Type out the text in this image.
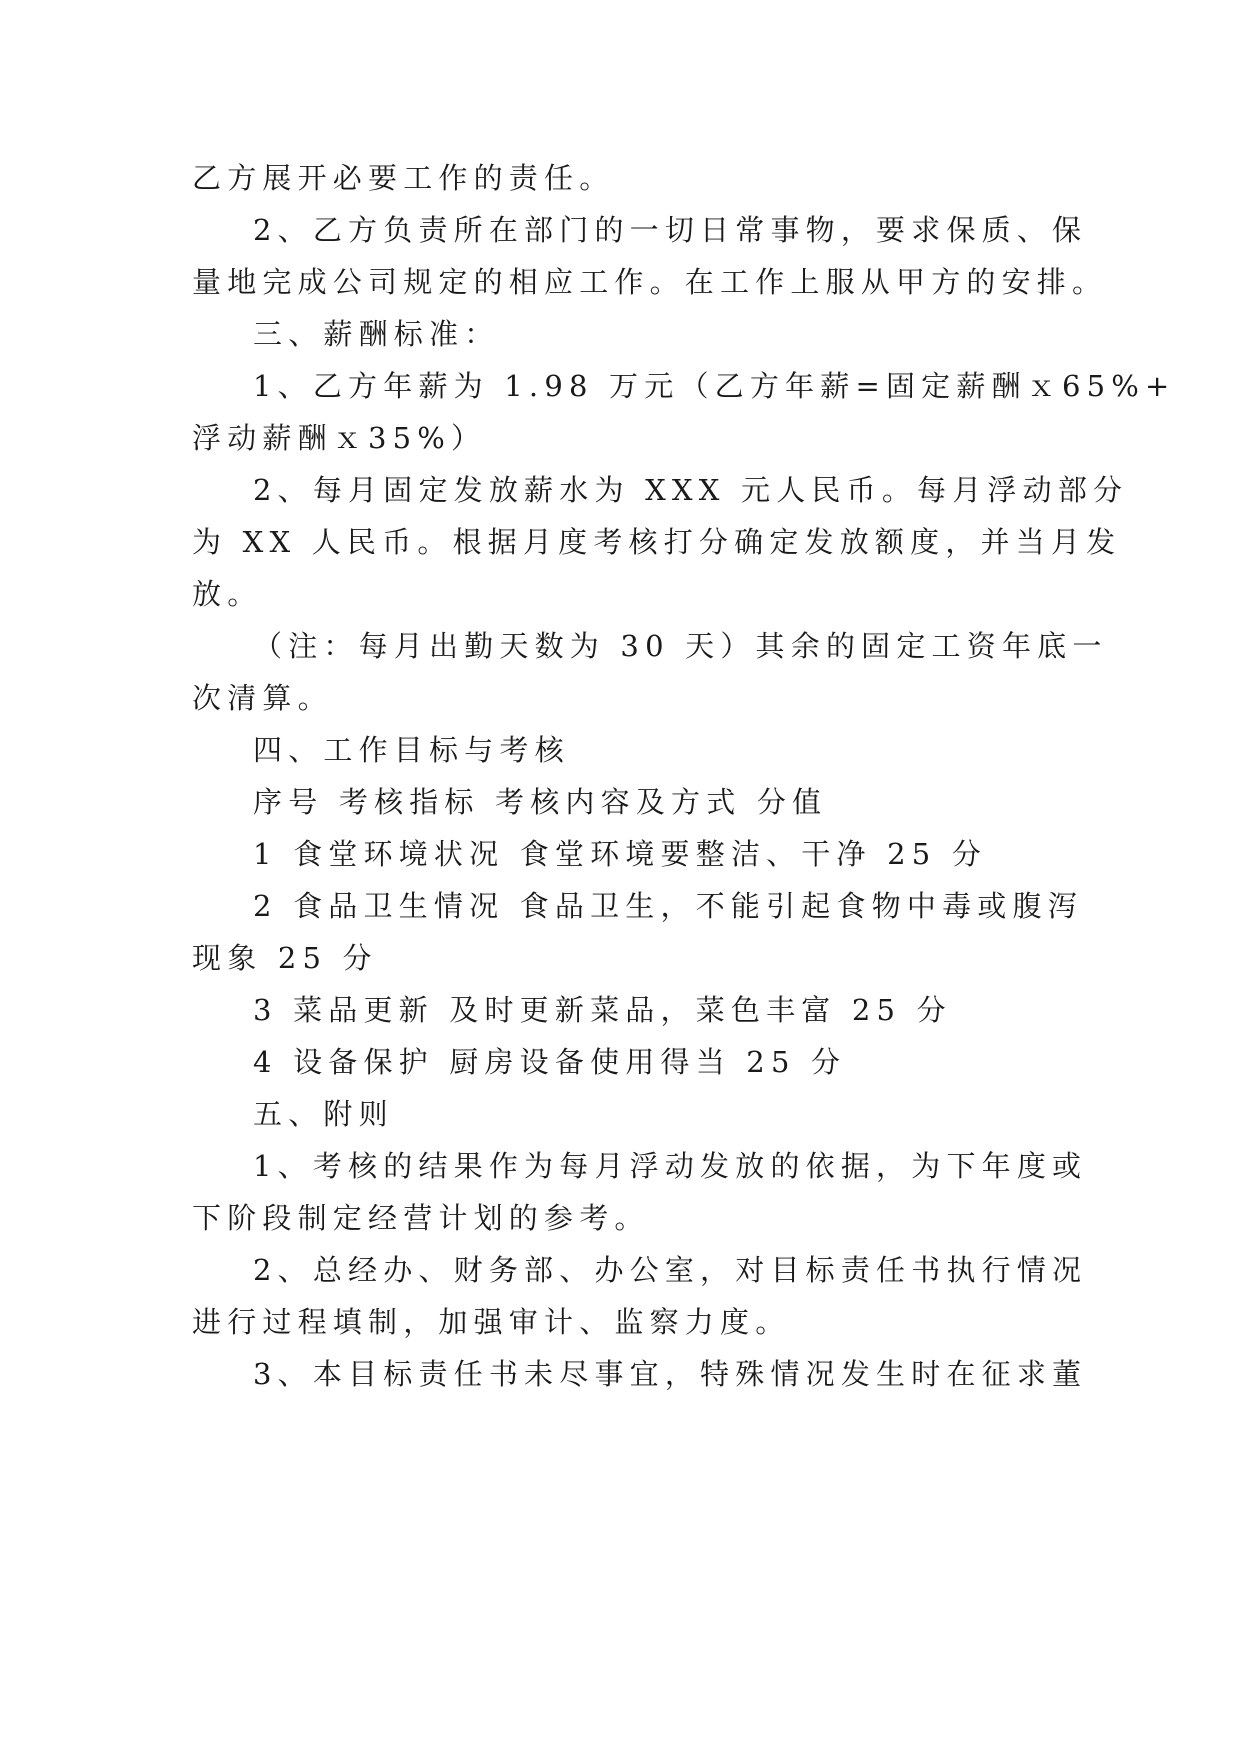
乙方展开必要工作的责任。
2、乙方负责所在部门的一切日常事物，要求保质、保
量地完成公司规定的相应工作。在工作上服从甲方的安排。
三、薪酬标准：
1、乙方年薪为 1.98 万元（乙方年薪=固定薪酬ｘ65%+
浮动薪酬ｘ35%）
2、每月固定发放薪水为 XXX 元人民币。每月浮动部分
为 XX 人民币。根据月度考核打分确定发放额度，并当月发
放。
（注：每月出勤天数为 30 天）其余的固定工资年底一
次清算。
四、工作目标与考核
序号 考核指标 考核内容及方式 分值
1 食堂环境状况 食堂环境要整洁、干净 25 分
2 食品卫生情况 食品卫生，不能引起食物中毒或腹泻
现象 25 分
3 菜品更新 及时更新菜品，菜色丰富 25 分
4 设备保护 厨房设备使用得当 25 分
五、附则
1、考核的结果作为每月浮动发放的依据，为下年度或
下阶段制定经营计划的参考。
2、总经办、财务部、办公室，对目标责任书执行情况
进行过程填制，加强审计、监察力度。
3、本目标责任书未尽事宜，特殊情况发生时在征求董
